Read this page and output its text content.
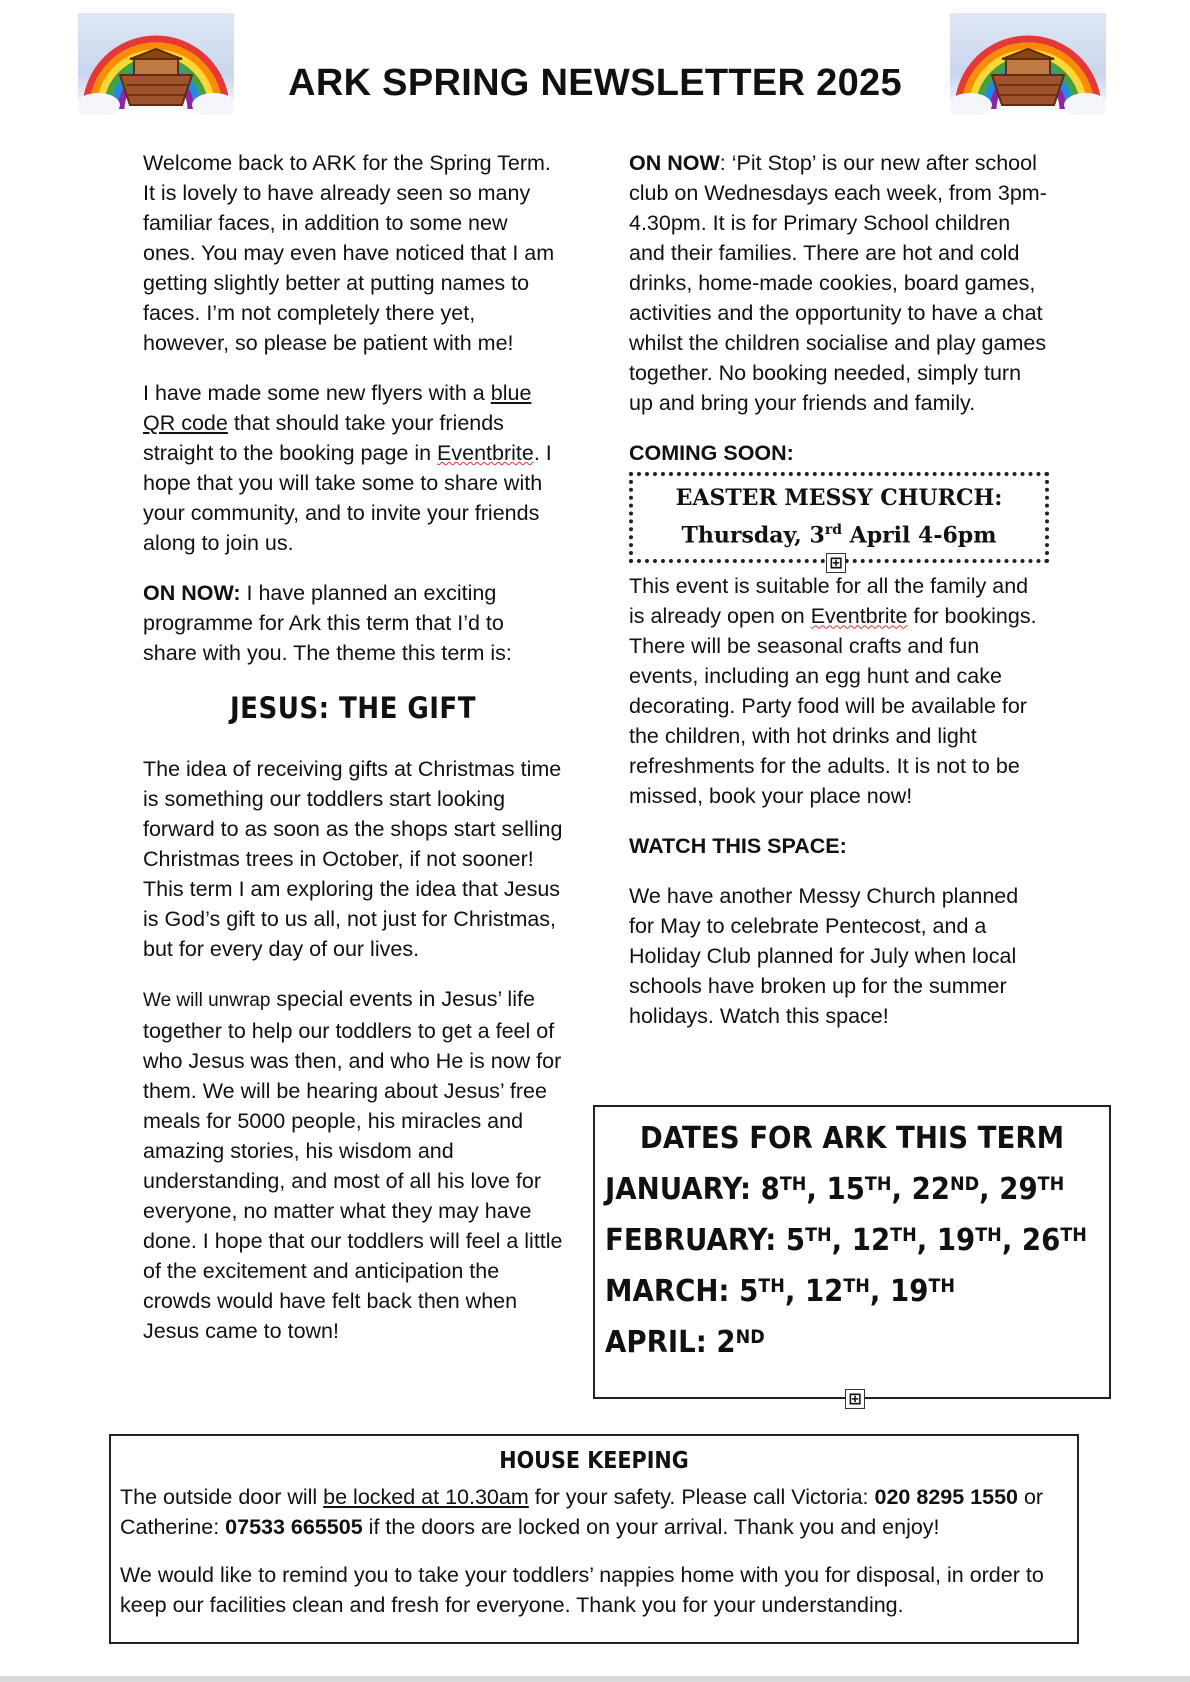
ARK SPRING NEWSLETTER 2025

Welcome back to ARK for the Spring Term. It is lovely to have already seen so many familiar faces, in addition to some new ones. You may even have noticed that I am getting slightly better at putting names to faces. I’m not completely there yet, however, so please be patient with me!

I have made some new flyers with a blue QR code that should take your friends straight to the booking page in Eventbrite. I hope that you will take some to share with your community, and to invite your friends along to join us.

ON NOW: I have planned an exciting programme for Ark this term that I’d to share with you. The theme this term is:

JESUS: THE GIFT

The idea of receiving gifts at Christmas time is something our toddlers start looking forward to as soon as the shops start selling Christmas trees in October, if not sooner! This term I am exploring the idea that Jesus is God’s gift to us all, not just for Christmas, but for every day of our lives.

We will unwrap special events in Jesus’ life together to help our toddlers to get a feel of who Jesus was then, and who He is now for them. We will be hearing about Jesus’ free meals for 5000 people, his miracles and amazing stories, his wisdom and understanding, and most of all his love for everyone, no matter what they may have done. I hope that our toddlers will feel a little of the excitement and anticipation the crowds would have felt back then when Jesus came to town!

ON NOW: ‘Pit Stop’ is our new after school club on Wednesdays each week, from 3pm-4.30pm. It is for Primary School children and their families. There are hot and cold drinks, home-made cookies, board games, activities and the opportunity to have a chat whilst the children socialise and play games together. No booking needed, simply turn up and bring your friends and family.

COMING SOON:
EASTER MESSY CHURCH:
Thursday, 3rd April 4-6pm
⊞

This event is suitable for all the family and is already open on Eventbrite for bookings. There will be seasonal crafts and fun events, including an egg hunt and cake decorating. Party food will be available for the children, with hot drinks and light refreshments for the adults. It is not to be missed, book your place now!

WATCH THIS SPACE:

We have another Messy Church planned for May to celebrate Pentecost, and a Holiday Club planned for July when local schools have broken up for the summer holidays. Watch this space!

DATES FOR ARK THIS TERM
JANUARY: 8TH, 15TH, 22ND, 29TH
FEBRUARY: 5TH, 12TH, 19TH, 26TH
MARCH: 5TH, 12TH, 19TH
APRIL: 2ND
⊞
HOUSE KEEPING

The outside door will be locked at 10.30am for your safety. Please call Victoria: 020 8295 1550 or Catherine: 07533 665505 if the doors are locked on your arrival. Thank you and enjoy!

We would like to remind you to take your toddlers’ nappies home with you for disposal, in order to keep our facilities clean and fresh for everyone. Thank you for your understanding.
